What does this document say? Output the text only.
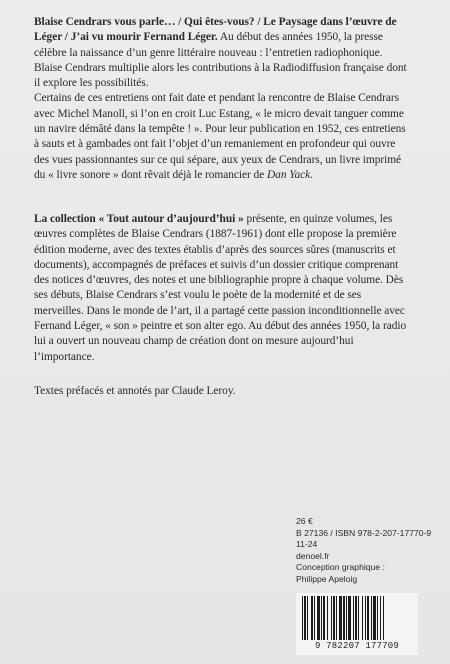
Blaise Cendrars vous parle… / Qui êtes-vous? / Le Paysage dans l’œuvre de Léger / J’ai vu mourir Fernand Léger. Au début des années 1950, la presse célèbre la naissance d’un genre littéraire nouveau : l’entretien radiophonique. Blaise Cendrars multiplie alors les contributions à la Radiodiffusion française dont il explore les possibilités.

Certains de ces entretiens ont fait date et pendant la rencontre de Blaise Cendrars avec Michel Manoll, si l’on en croit Luc Estang, « le micro devait tanguer comme un navire démâté dans la tempête ! ». Pour leur publication en 1952, ces entretiens à sauts et à gambades ont fait l’objet d’un remaniement en profondeur qui ouvre des vues passionnantes sur ce qui sépare, aux yeux de Cendrars, un livre imprimé du « livre sonore » dont rêvait déjà le romancier de Dan Yack.

La collection « Tout autour d’aujourd’hui » présente, en quinze volumes, les œuvres complètes de Blaise Cendrars (1887-1961) dont elle propose la première édition moderne, avec des textes établis d’après des sources sûres (manuscrits et documents), accompagnés de préfaces et suivis d’un dossier critique comprenant des notices d’œuvres, des notes et une bibliographie propre à chaque volume. Dès ses débuts, Blaise Cendrars s’est voulu le poète de la modernité et de ses merveilles. Dans le monde de l’art, il a partagé cette passion inconditionnelle avec Fernand Léger, « son » peintre et son alter ego. Au début des années 1950, la radio lui a ouvert un nouveau champ de création dont on mesure aujourd’hui l’importance.

Textes préfacés et annotés par Claude Leroy.

26 €
B 27136 / ISBN 978-2-207-17770-9
11-24
denoel.fr
Conception graphique :
Philippe Apeloig
9 782207 177709
